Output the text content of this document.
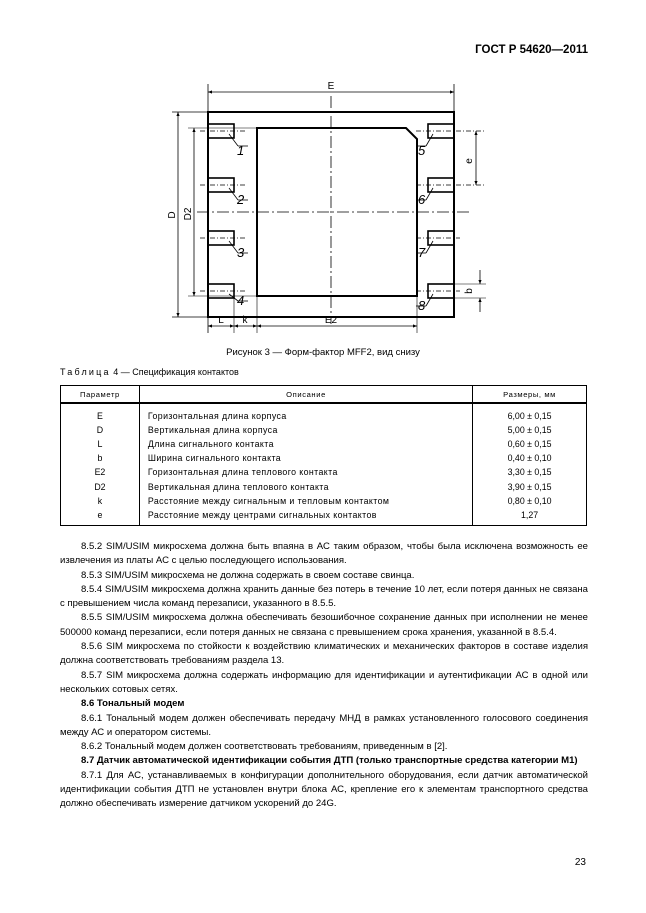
ГОСТ Р 54620—2011
E
D D2
e
b
L k	E2
1
2
3
4
5
6
7
8
Рисунок 3 — Форм-фактор MFF2, вид снизу
Таблица 4 — Спецификация контактов
Параметр	Описание	Размеры, мм
E	Горизонтальная длина корпуса	6,00 ± 0,15
D	Вертикальная длина корпуса	5,00 ± 0,15
L	Длина сигнального контакта	0,60 ± 0,15
b	Ширина сигнального контакта	0,40 ± 0,10
E2	Горизонтальная длина теплового контакта	3,30 ± 0,15
D2	Вертикальная длина теплового контакта	3,90 ± 0,15
k	Расстояние между сигнальным и тепловым контактом	0,80 ± 0,10
e	Расстояние между центрами сигнальных контактов	1,27

8.5.2 SIM/USIM микросхема должна быть впаяна в АС таким образом, чтобы была исключена возможность ее извлечения из платы АС с целью последующего использования.

8.5.3 SIM/USIM микросхема не должна содержать в своем составе свинца.

8.5.4 SIM/USIM микросхема должна хранить данные без потерь в течение 10 лет, если потеря данных не связана с превышением числа команд перезаписи, указанного в 8.5.5.

8.5.5 SIM/USIM микросхема должна обеспечивать безошибочное сохранение данных при исполнении не менее 500000 команд перезаписи, если потеря данных не связана с превышением срока хранения, указанной в 8.5.4.

8.5.6 SIM микросхема по стойкости к воздействию климатических и механических факторов в составе изделия должна соответствовать требованиям раздела 13.

8.5.7 SIM микросхема должна содержать информацию для идентификации и аутентификации АС в одной или нескольких сотовых сетях.

8.6 Тональный модем

8.6.1 Тональный модем должен обеспечивать передачу МНД в рамках установленного голосового соединения между АС и оператором системы.

8.6.2 Тональный модем должен соответствовать требованиям, приведенным в [2].

8.7 Датчик автоматической идентификации события ДТП (только транспортные средства категории М1)

8.7.1 Для АС, устанавливаемых в конфигурации дополнительного оборудования, если датчик автоматической идентификации события ДТП не установлен внутри блока АС, крепление его к элементам транспортного средства должно обеспечивать измерение датчиком ускорений до 24G.

23
